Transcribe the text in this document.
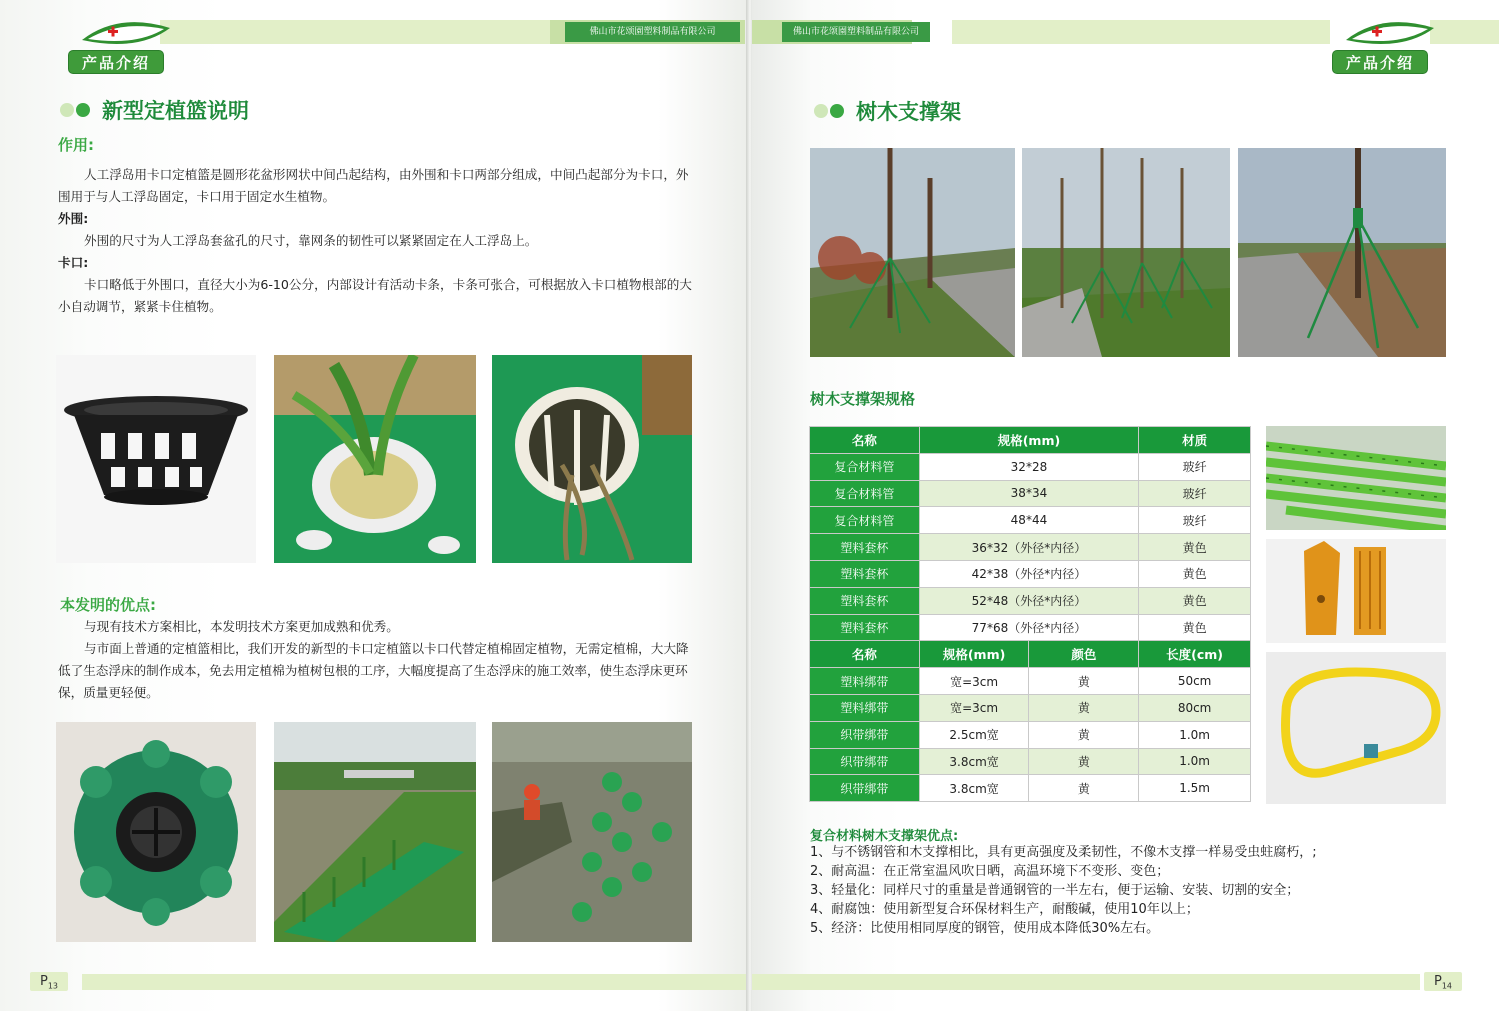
佛山市花颂園塑料制品有限公司
产品介绍
新型定植篮说明
作用:
人工浮岛用卡口定植篮是圆形花盆形网状中间凸起结构，由外围和卡口两部分组成，中间凸起部分为卡口，外围用于与人工浮岛固定，卡口用于固定水生植物。
外围:
外围的尺寸为人工浮岛套盆孔的尺寸，靠网条的韧性可以紧紧固定在人工浮岛上。
卡口:
卡口略低于外围口，直径大小为6-10公分，内部设计有活动卡条，卡条可张合，可根据放入卡口植物根部的大小自动调节，紧紧卡住植物。
本发明的优点:
与现有技术方案相比，本发明技术方案更加成熟和优秀。
与市面上普通的定植篮相比，我们开发的新型的卡口定植篮以卡口代替定植棉固定植物，无需定植棉，大大降低了生态浮床的制作成本，免去用定植棉为植树包根的工序，大幅度提高了生态浮床的施工效率，使生态浮床更环保，质量更轻便。
$P_{13}$
佛山市花颂園塑料制品有限公司
产品介绍
树木支撑架
树木支撑架规格
名称	规格(mm)		材质
复合材料管	32*28		玻纤
复合材料管	38*34		玻纤
复合材料管	48*44		玻纤
塑料套杯	36*32（外径*内径）		黄色
塑料套杯	42*38（外径*内径）		黄色
塑料套杯	52*48（外径*内径）		黄色
塑料套杯	77*68（外径*内径）		黄色
名称	规格(mm)	颜色	长度(cm)
塑料绑带	宽=3cm	黄	50cm
塑料绑带	宽=3cm	黄	80cm
织带绑带	2.5cm宽	黄	1.0m
织带绑带	3.8cm宽	黄	1.0m
织带绑带	3.8cm宽	黄	1.5m
复合材料树木支撑架优点:
1、与不锈钢管和木支撑相比，具有更高强度及柔韧性，不像木支撑一样易受虫蛀腐朽，;
2、耐高温：在正常室温风吹日晒，高温环境下不变形、变色；
3、轻量化：同样尺寸的重量是普通钢管的一半左右，便于运输、安装、切割的安全；
4、耐腐蚀：使用新型复合环保材料生产，耐酸碱，使用10年以上；
5、经济：比使用相同厚度的钢管，使用成本降低30%左右。
$P_{14}$
